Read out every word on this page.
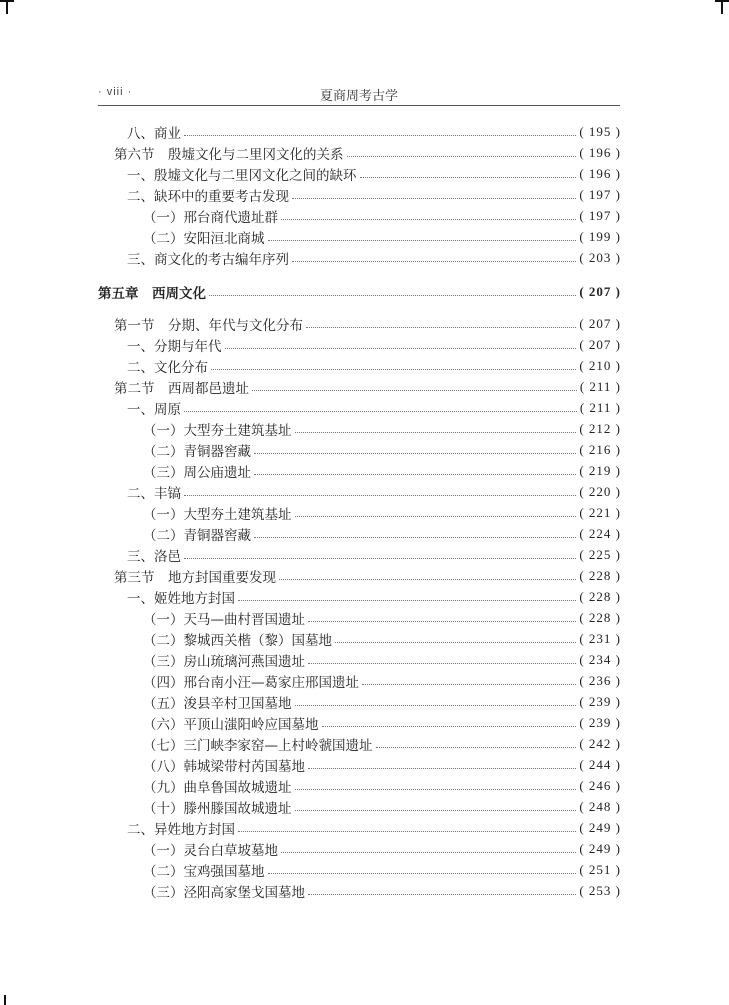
· viii ·	夏商周考古学
八、商业	( 195 )
第六节　殷墟文化与二里冈文化的关系	( 196 )
一、殷墟文化与二里冈文化之间的缺环	( 196 )
二、缺环中的重要考古发现	( 197 )
（一）邢台商代遗址群	( 197 )
（二）安阳洹北商城	( 199 )
三、商文化的考古编年序列	( 203 )
第五章　西周文化	( 207 )
第一节　分期、年代与文化分布	( 207 )
一、分期与年代	( 207 )
二、文化分布	( 210 )
第二节　西周都邑遗址	( 211 )
一、周原	( 211 )
（一）大型夯土建筑基址	( 212 )
（二）青铜器窖藏	( 216 )
（三）周公庙遗址	( 219 )
二、丰镐	( 220 )
（一）大型夯土建筑基址	( 221 )
（二）青铜器窖藏	( 224 )
三、洛邑	( 225 )
第三节　地方封国重要发现	( 228 )
一、姬姓地方封国	( 228 )
（一）天马—曲村晋国遗址	( 228 )
（二）黎城西关楷（黎）国墓地	( 231 )
（三）房山琉璃河燕国遗址	( 234 )
（四）邢台南小汪—葛家庄邢国遗址	( 236 )
（五）浚县辛村卫国墓地	( 239 )
（六）平顶山滍阳岭应国墓地	( 239 )
（七）三门峡李家窑—上村岭虢国遗址	( 242 )
（八）韩城梁带村芮国墓地	( 244 )
（九）曲阜鲁国故城遗址	( 246 )
（十）滕州滕国故城遗址	( 248 )
二、异姓地方封国	( 249 )
（一）灵台白草坡墓地	( 249 )
（二）宝鸡强国墓地	( 251 )
（三）泾阳高家堡戈国墓地	( 253 )
